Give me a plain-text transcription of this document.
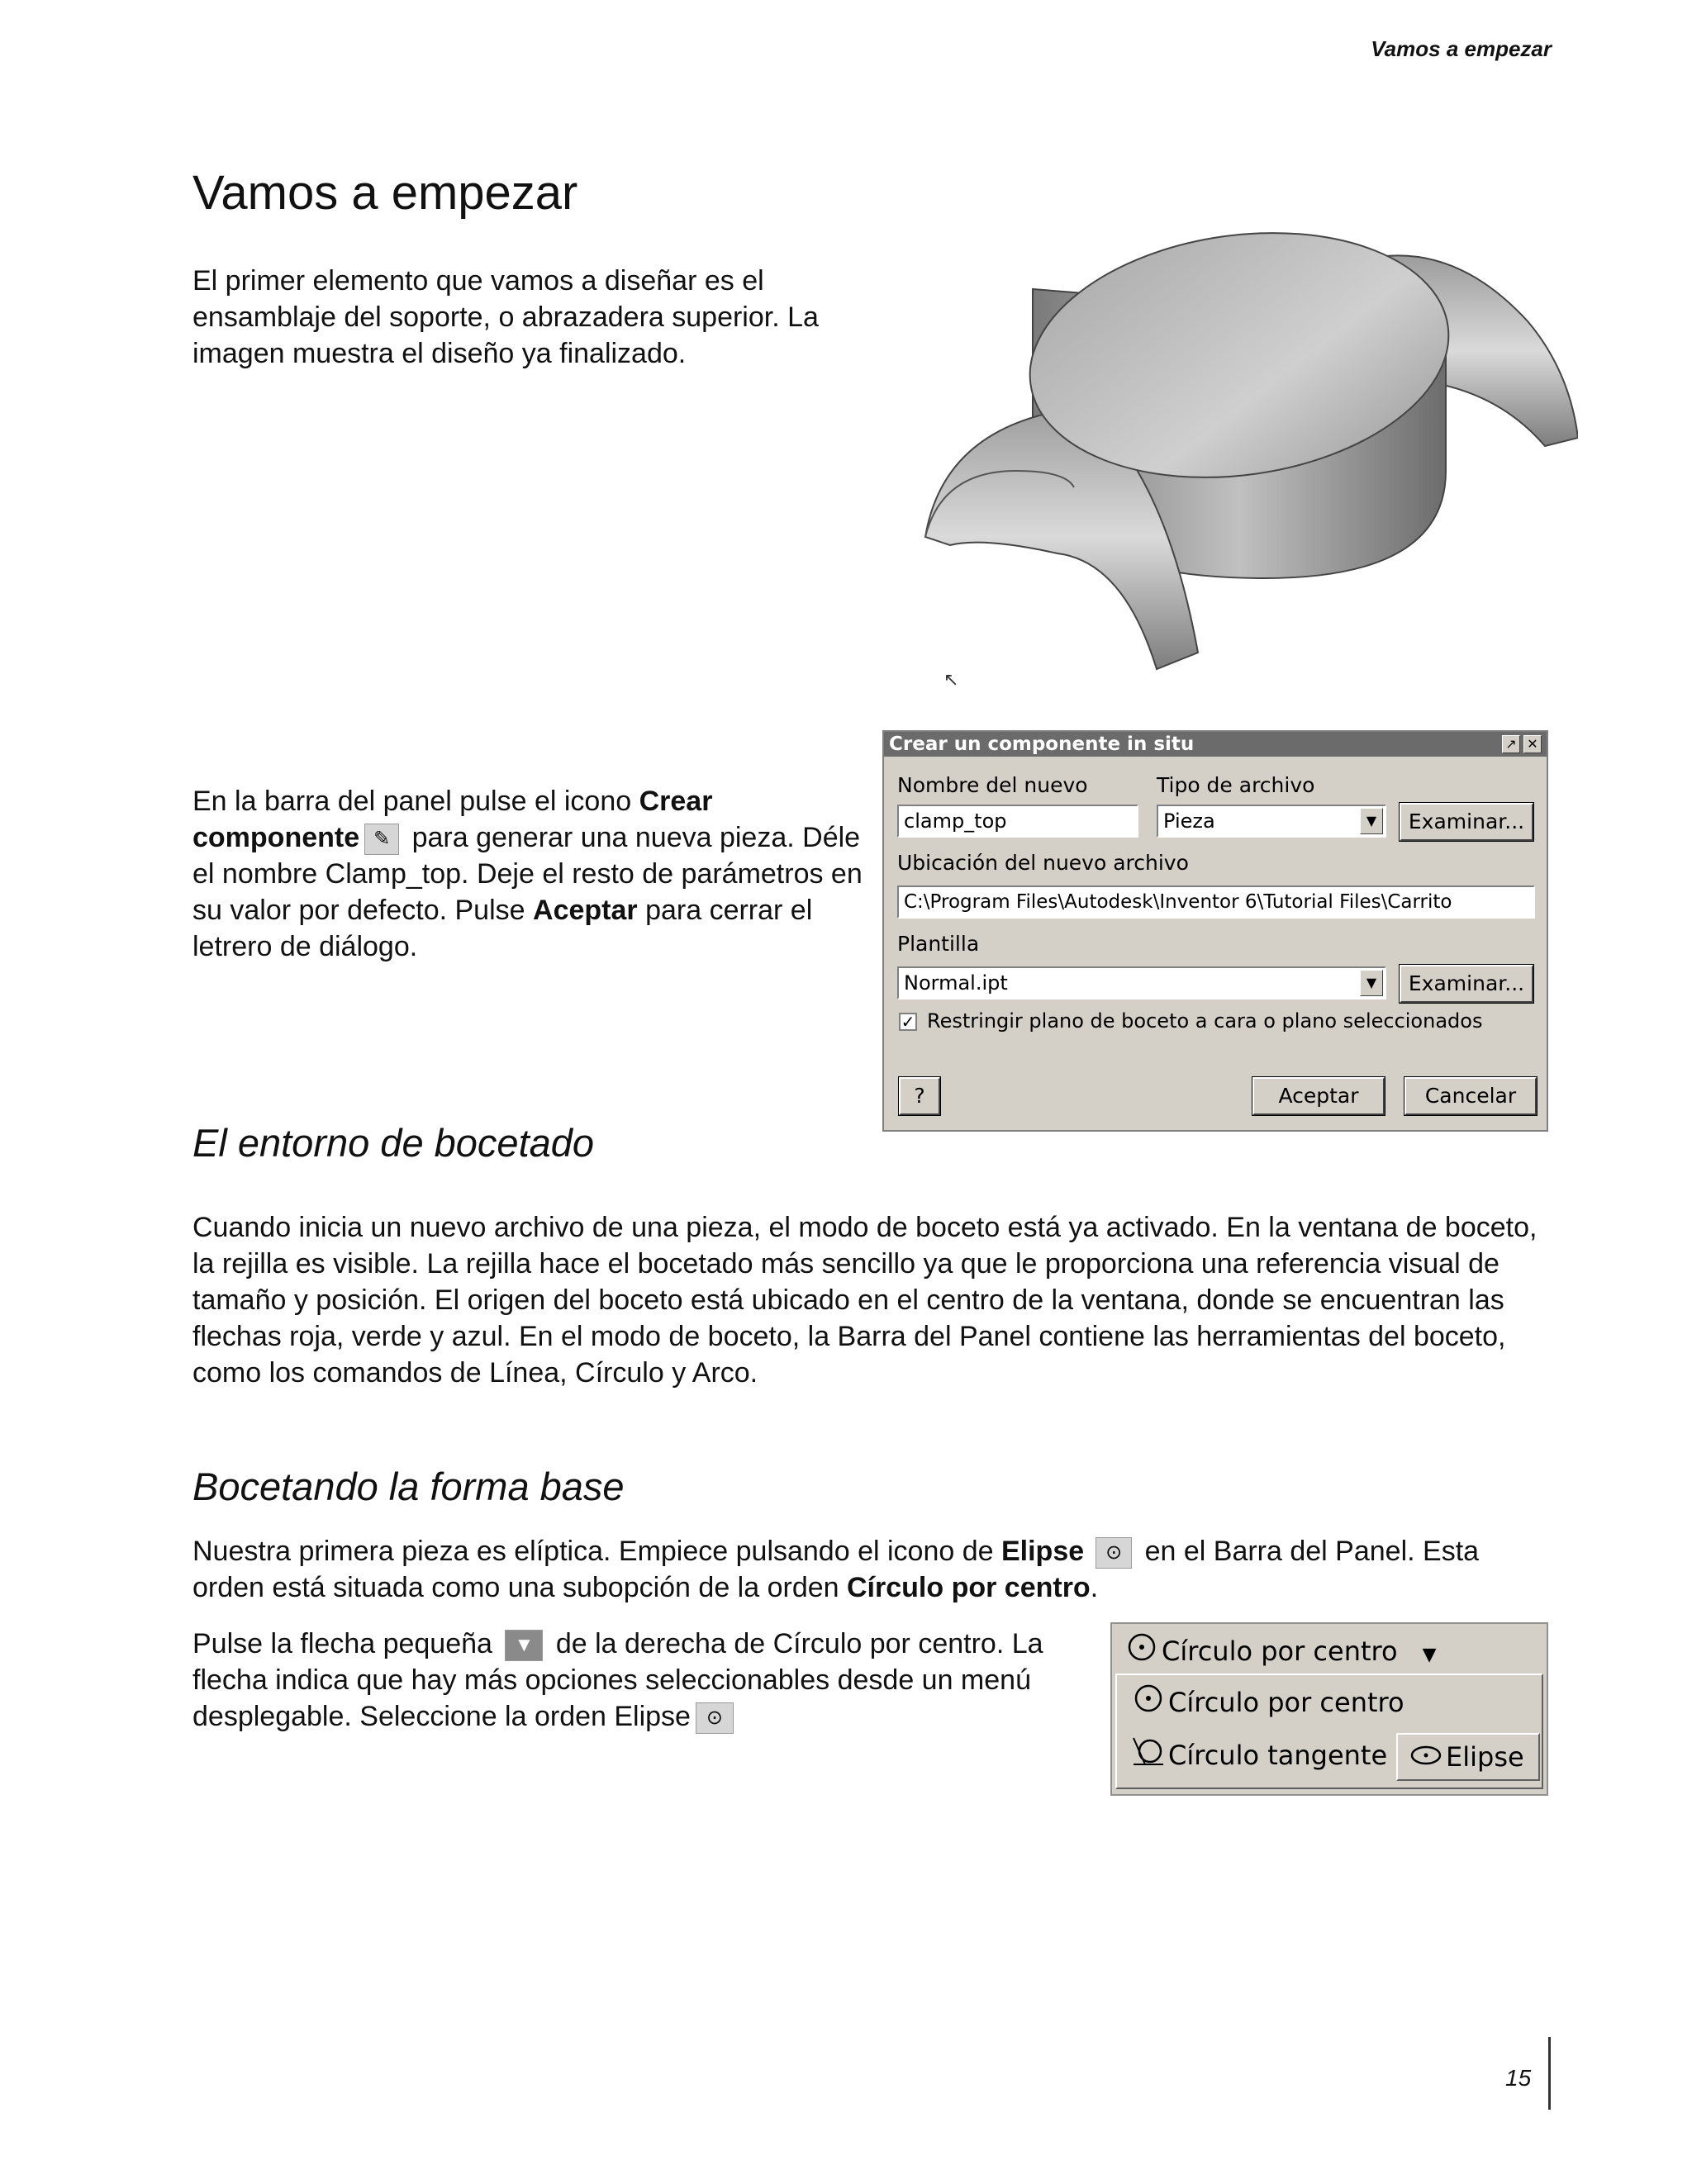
Vamos a empezar
Vamos a empezar
El primer elemento que vamos a diseñar es el ensamblaje del soporte, o abrazadera superior. La imagen muestra el diseño ya finalizado.
↖
En la barra del panel pulse el icono Crear componente ✎ para generar una nueva pieza. Déle el nombre Clamp_top. Deje el resto de parámetros en su valor por defecto. Pulse Aceptar para cerrar el letrero de diálogo.
Crear un componente in situ	↗ ✕
Nombre del nuevo	Tipo de archivo
clamp_top	Pieza	▼	Examinar...
Ubicación del nuevo archivo
C:\Program Files\Autodesk\Inventor 6\Tutorial Files\Carrito
Plantilla
Normal.ipt	▼	Examinar...
✓ Restringir plano de boceto a cara o plano seleccionados
?	Aceptar	Cancelar
El entorno de bocetado
Cuando inicia un nuevo archivo de una pieza, el modo de boceto está ya activado. En la ventana de boceto, la rejilla es visible. La rejilla hace el bocetado más sencillo ya que le proporciona una referencia visual de tamaño y posición. El origen del boceto está ubicado en el centro de la ventana, donde se encuentran las flechas roja, verde y azul. En el modo de boceto, la Barra del Panel contiene las herramientas del boceto, como los comandos de Línea, Círculo y Arco.
Bocetando la forma base
Nuestra primera pieza es elíptica. Empiece pulsando el icono de Elipse ⊙ en el Barra del Panel. Esta orden está situada como una subopción de la orden Círculo por centro.
Pulse la flecha pequeña ▼ de la derecha de Círculo por centro. La flecha indica que hay más opciones seleccionables desde un menú desplegable. Seleccione la orden Elipse ⊙
Círculo por centro ▼
Círculo por centro
Círculo tangente	Elipse
15
